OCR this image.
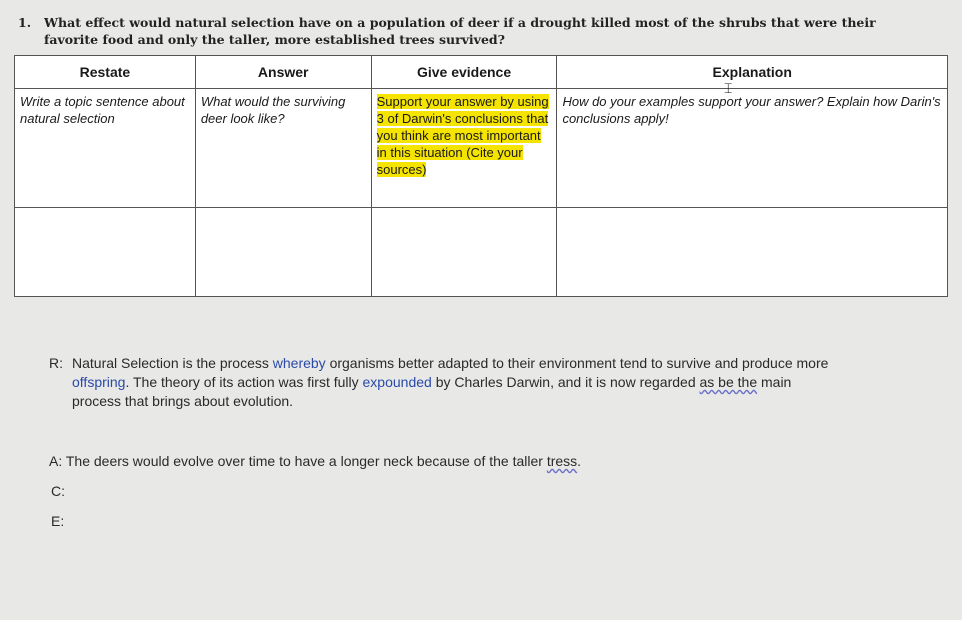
1.	What effect would natural selection have on a population of deer if a drought killed most of the shrubs that were their favorite food and only the taller, more established trees survived?
Restate	Answer	Give evidence	Explanation
Write a topic sentence about natural selection	What would the surviving deer look like?	Support your answer by using 3 of Darwin's conclusions that you think are most important in this situation (Cite your sources)	How do your examples support your answer? Explain how Darin's conclusions apply!

⌶
R: Natural Selection is the process whereby organisms better adapted to their environment tend to survive and produce more offspring. The theory of its action was first fully expounded by Charles Darwin, and it is now regarded as be the main process that brings about evolution.
A: The deers would evolve over time to have a longer neck because of the taller tress.
C:
E:
